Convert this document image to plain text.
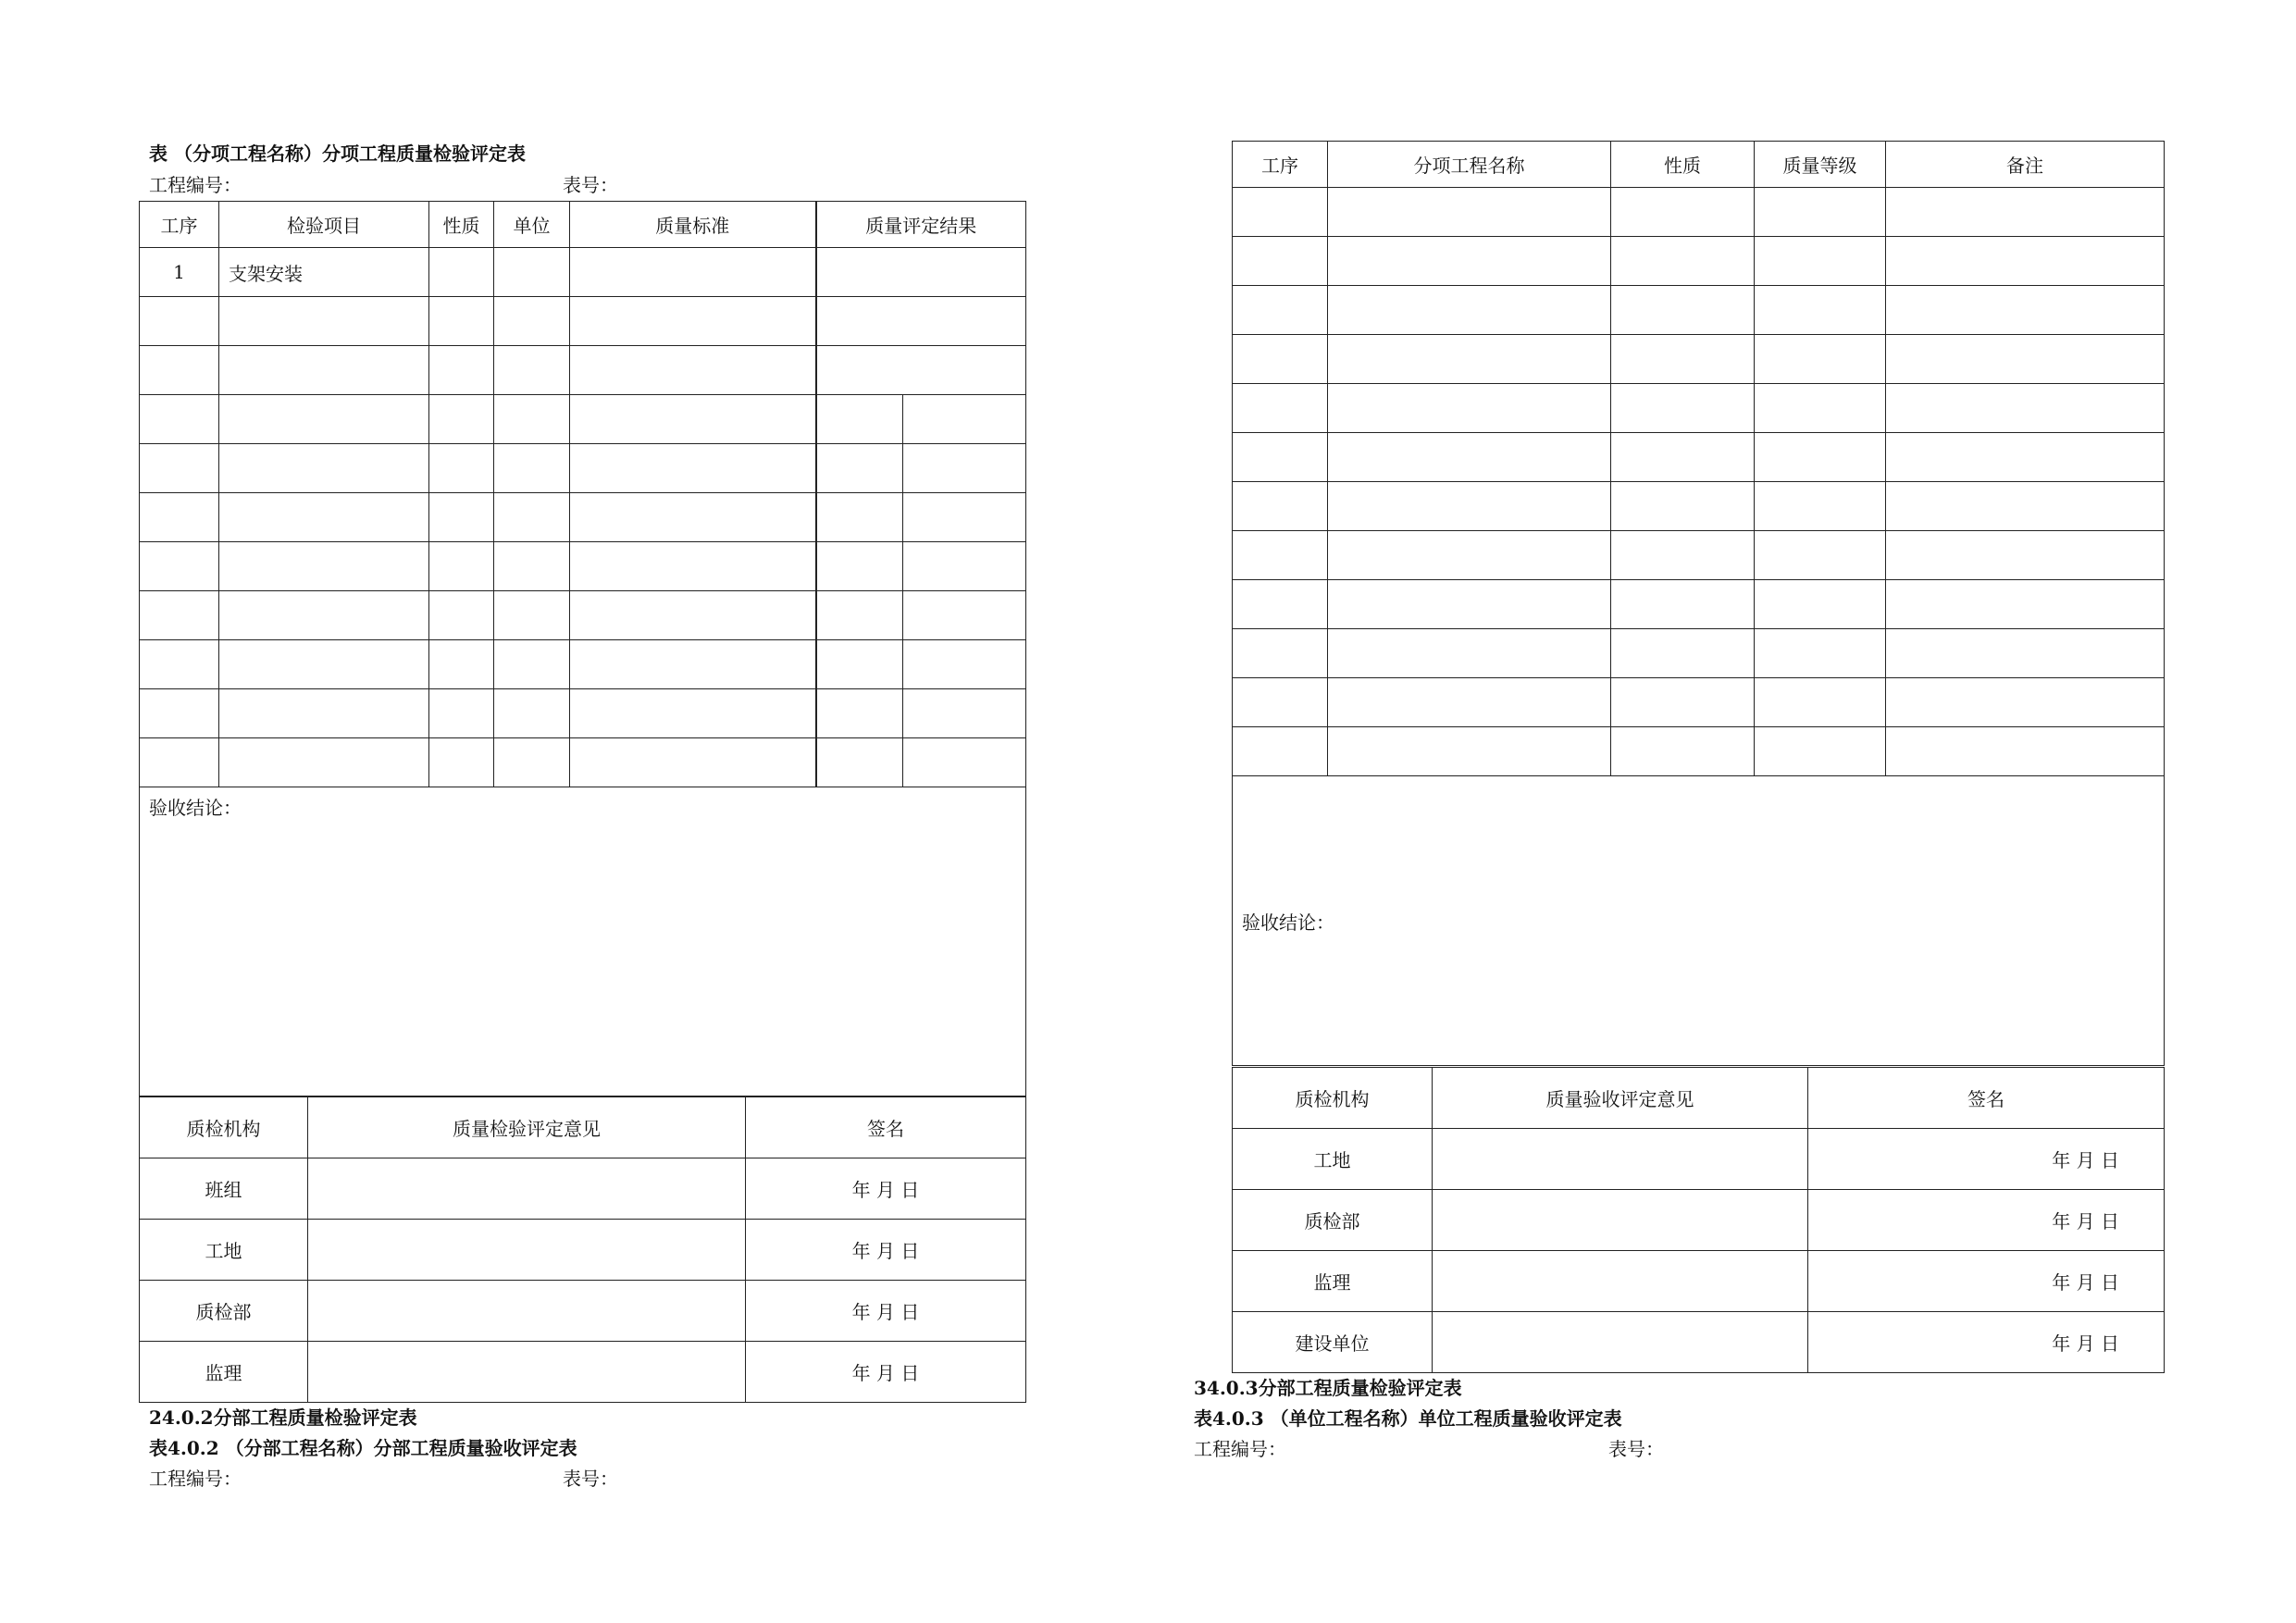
表 （分项工程名称）分项工程质量检验评定表
工程编号：	表号：
工序	检验项目	性质	单位	质量标准	质量评定结果	
1	支架安装					

验收结论：						
质检机构	质量检验评定意见	签名
班组		年 月 日
工地		年 月 日
质检部		年 月 日
监理		年 月 日
24.0.2分部工程质量检验评定表
表4.0.2 （分部工程名称）分部工程质量验收评定表
工程编号：	表号：
工序	分项工程名称	性质	质量等级	备注

验收结论：				
质检机构	质量验收评定意见	签名
工地		年 月 日
质检部		年 月 日
监理		年 月 日
建设单位		年 月 日
34.0.3分部工程质量检验评定表
表4.0.3 （单位工程名称）单位工程质量验收评定表
工程编号：	表号：
